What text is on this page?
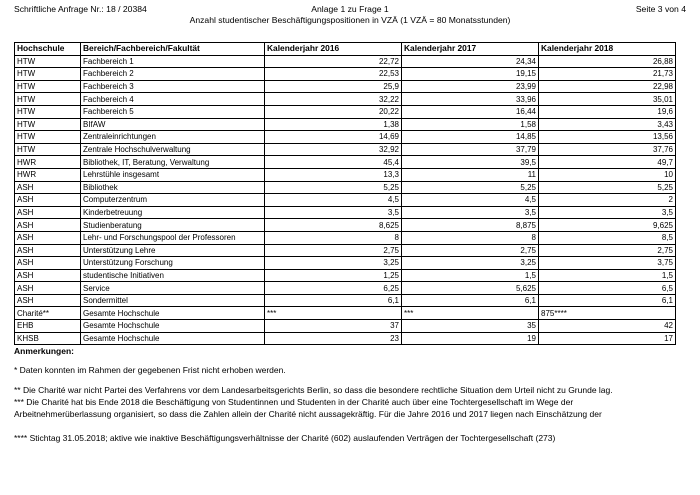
Schriftliche Anfrage Nr.: 18 / 20384	Anlage 1 zu Frage 1	Seite 3 von 4
Anzahl studentischer Beschäftigungspositionen in VZÄ (1 VZÄ = 80 Monatsstunden)
Hochschule	Bereich/Fachbereich/Fakultät	Kalenderjahr 2016	Kalenderjahr 2017	Kalenderjahr 2018
HTW	Fachbereich 1	22,72	24,34	26,88
HTW	Fachbereich 2	22,53	19,15	21,73
HTW	Fachbereich 3	25,9	23,99	22,98
HTW	Fachbereich 4	32,22	33,96	35,01
HTW	Fachbereich 5	20,22	16,44	19,6
HTW	BIfAW	1,38	1,58	3,43
HTW	Zentraleinrichtungen	14,69	14,85	13,56
HTW	Zentrale Hochschulverwaltung	32,92	37,79	37,76
HWR	Bibliothek, IT, Beratung, Verwaltung	45,4	39,5	49,7
HWR	Lehrstühle insgesamt	13,3	11	10
ASH	Bibliothek	5,25	5,25	5,25
ASH	Computerzentrum	4,5	4,5	2
ASH	Kinderbetreuung	3,5	3,5	3,5
ASH	Studienberatung	8,625	8,875	9,625
ASH	Lehr- und Forschungspool der Professoren	8	8	8,5
ASH	Unterstützung Lehre	2,75	2,75	2,75
ASH	Unterstützung Forschung	3,25	3,25	3,75
ASH	studentische Initiativen	1,25	1,5	1,5
ASH	Service	6,25	5,625	6,5
ASH	Sondermittel	6,1	6,1	6,1
Charité**	Gesamte Hochschule	***	***	875****
EHB	Gesamte Hochschule	37	35	42
KHSB	Gesamte Hochschule	23	19	17
Anmerkungen:

* Daten konnten im Rahmen der gegebenen Frist nicht erhoben werden.

** Die Charité war nicht Partei des Verfahrens vor dem Landesarbeitsgerichts Berlin, so dass die besondere rechtliche Situation dem Urteil nicht zu Grunde lag.

*** Die Charité hat bis Ende 2018 die Beschäftigung von Studentinnen und Studenten in der Charité auch über eine Tochtergesellschaft im Wege der

Arbeitnehmerüberlassung organisiert, so dass die Zahlen allein der Charité nicht aussagekräftig. Für die Jahre 2016 und 2017 liegen nach Einschätzung der

**** Stichtag 31.05.2018; aktive wie inaktive Beschäftigungsverhältnisse der Charité (602) auslaufenden Verträgen der Tochtergesellschaft (273)
